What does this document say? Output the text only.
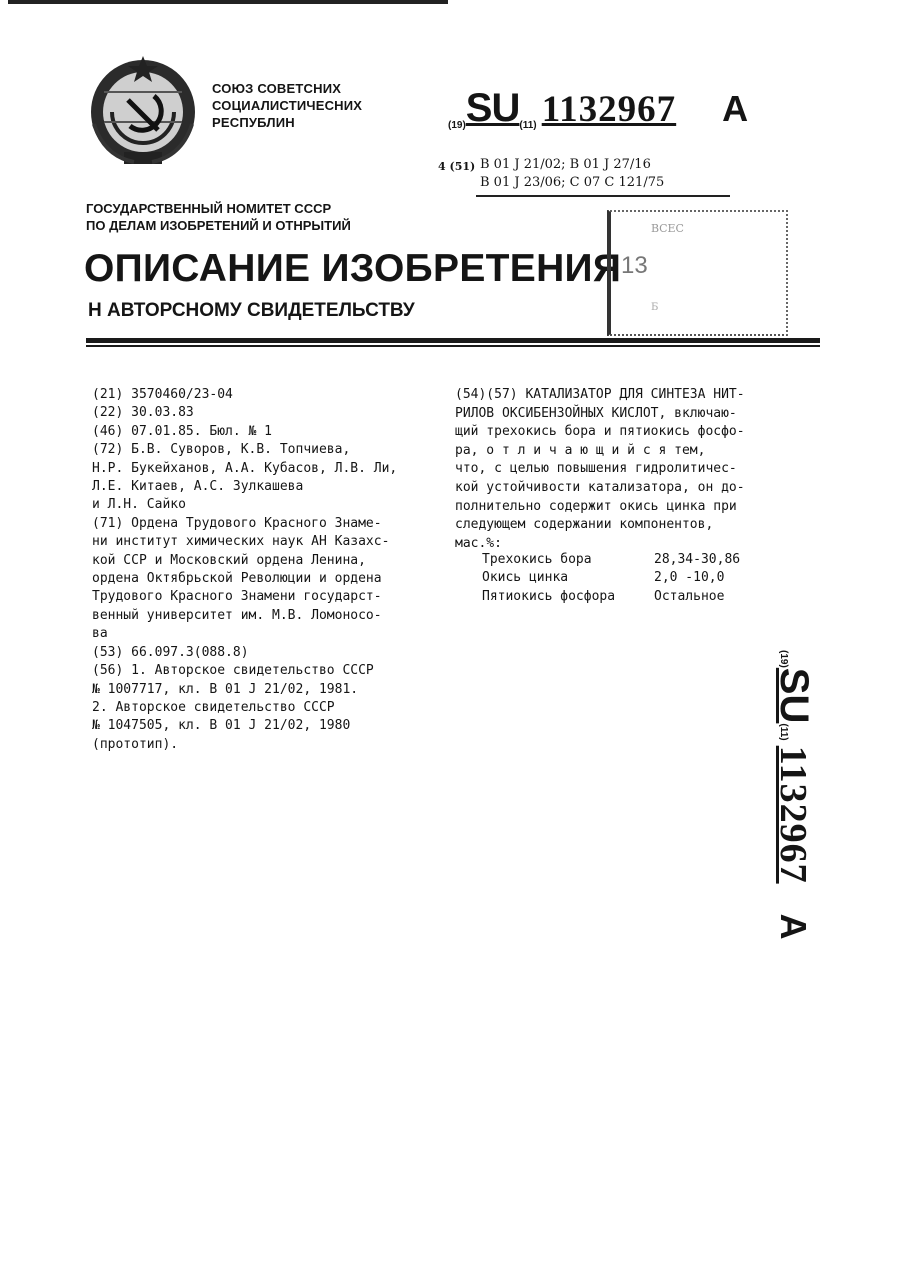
СОЮЗ СОВЕТСНИХ
СОЦИАЛИСТИЧЕСНИХ
РЕСПУБЛИН	(19)SU(11) 1132967 A
4 (51) B 01 J 21/02; B 01 J 27/16
B 01 J 23/06; C 07 C 121/75
ГОСУДАРСТВЕННЫЙ НОМИТЕТ СССР
ПО ДЕЛАМ ИЗОБРЕТЕНИЙ И ОТНРЫТИЙ
ОПИСАНИЕ ИЗОБРЕТЕНИЯ
Н АВТОРСНОМУ СВИДЕТЕЛЬСТВУ
ВСЕС
13
Б
(21) 3570460/23-04
(22) 30.03.83
(46) 07.01.85. Бюл. № 1
(72) Б.В. Суворов, К.В. Топчиева,
Н.Р. Букейханов, А.А. Кубасов, Л.В. Ли,
Л.Е. Китаев, А.С. Зулкашева
и Л.Н. Сайко
(71) Ордена Трудового Красного Знаме-
ни институт химических наук АН Казахс-
кой ССР и Московский ордена Ленина,
ордена Октябрьской Революции и ордена
Трудового Красного Знамени государст-
венный университет им. М.В. Ломоносо-
ва
(53) 66.097.3(088.8)
(56) 1. Авторское свидетельство СССР
№ 1007717, кл. B 01 J 21/02, 1981.
2. Авторское свидетельство СССР
№ 1047505, кл. B 01 J 21/02, 1980
(прототип).
(54)(57) КАТАЛИЗАТОР ДЛЯ СИНТЕЗА НИТ-
РИЛОВ ОКСИБЕНЗОЙНЫХ КИСЛОТ, включаю-
щий трехокись бора и пятиокись фосфо-
ра, о т л и ч а ю щ и й с я тем,
что, с целью повышения гидролитичес-
кой устойчивости катализатора, он до-
полнительно содержит окись цинка при
следующем содержании компонентов,
мас.%:
Трехокись бора	28,34-30,86
Окись цинка	2,0 -10,0
Пятиокись фосфора	Остальное
(19)SU(11) 1132967A
